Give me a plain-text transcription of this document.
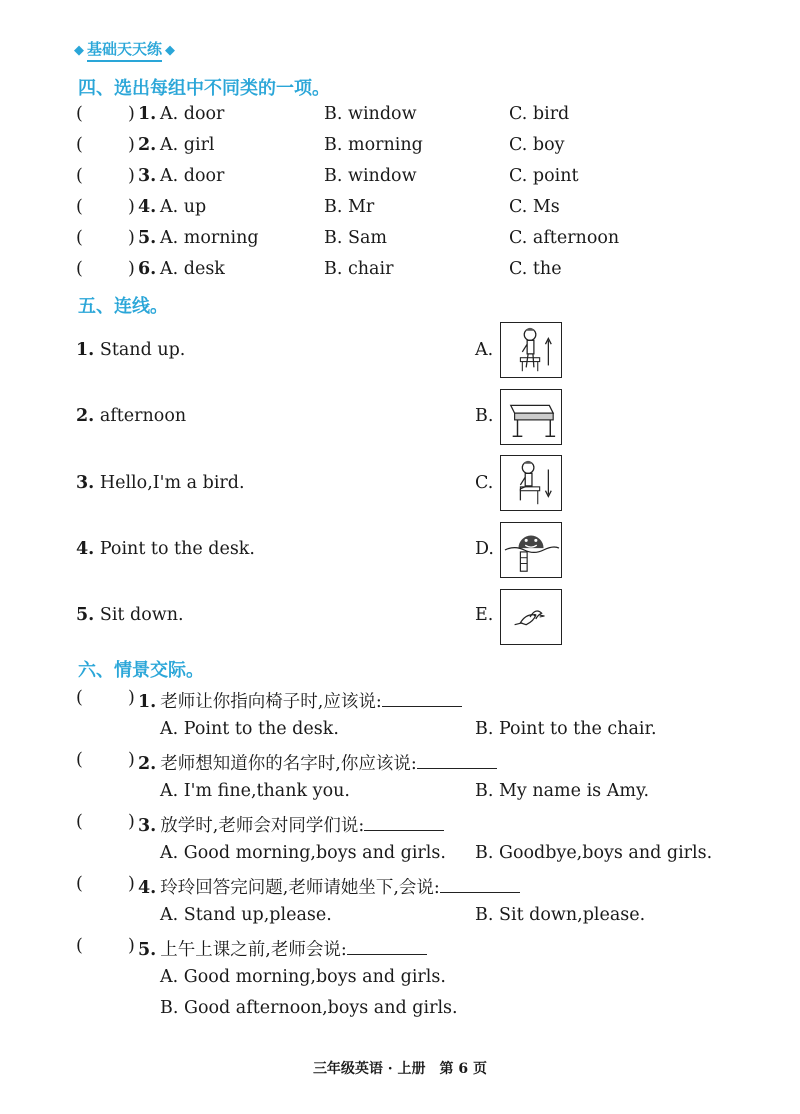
◆ 基础天天练 ◆
四、选出每组中不同类的一项。
(	) 1. A. door	B. window	C. bird
(	) 2. A. girl	B. morning	C. boy
(	) 3. A. door	B. window	C. point
(	) 4. A. up	B. Mr	C. Ms
(	) 5. A. morning	B. Sam	C. afternoon
(	) 6. A. desk	B. chair	C. the
五、连线。
1. Stand up.	A.
2. afternoon	B.
3. Hello,I'm a bird.	C.
4. Point to the desk.	D.
5. Sit down.	E.
六、情景交际。
(	) 1. 老师让你指向椅子时,应该说:
A. Point to the desk.	B. Point to the chair.
(	) 2. 老师想知道你的名字时,你应该说:
A. I'm fine,thank you.	B. My name is Amy.
(	) 3. 放学时,老师会对同学们说:
A. Good morning,boys and girls. B. Goodbye,boys and girls.
(	) 4. 玲玲回答完问题,老师请她坐下,会说:
A. Stand up,please.	B. Sit down,please.
(	) 5. 上午上课之前,老师会说:
A. Good morning,boys and girls.
B. Good afternoon,boys and girls.
三年级英语 · 上册　第 6 页
